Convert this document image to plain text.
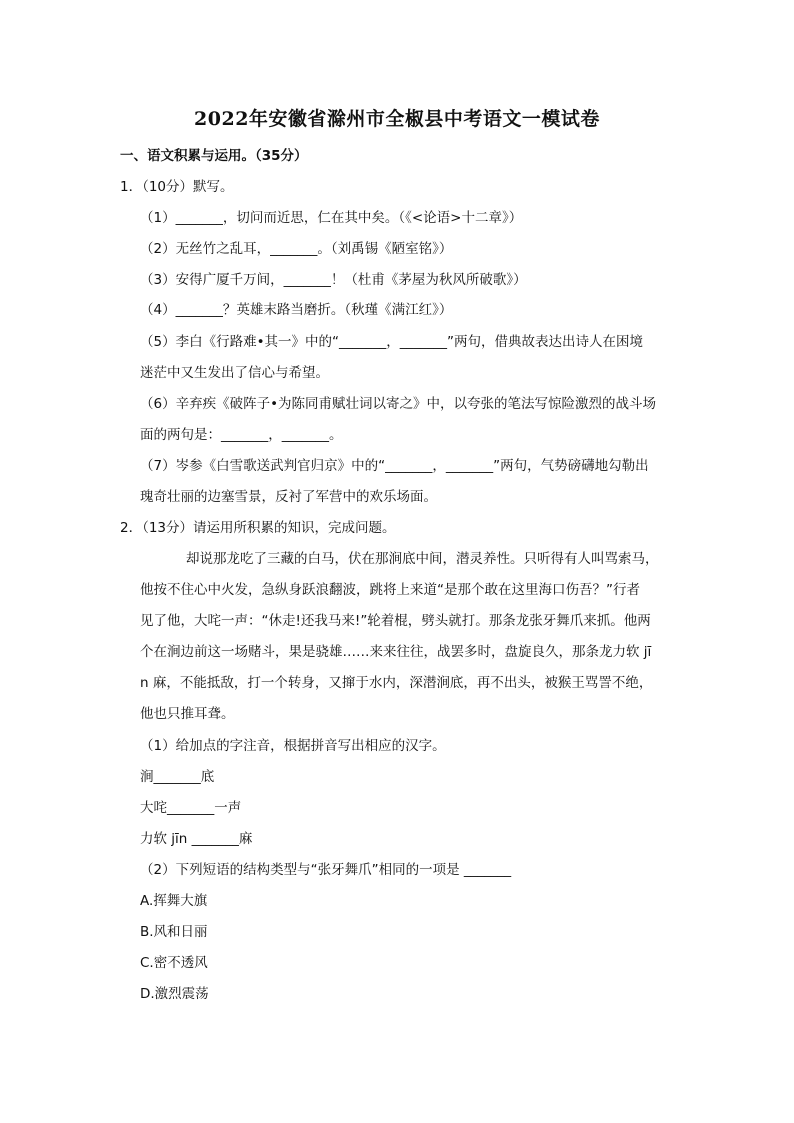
2022年安徽省滁州市全椒县中考语文一模试卷
一、语文积累与运用。（35分）
1．（10分）默写。
（1）_______，切问而近思，仁在其中矣。（《<论语>十二章》）
（2）无丝竹之乱耳，_______。（刘禹锡《陋室铭》）
（3）安得广厦千万间，_______！（杜甫《茅屋为秋风所破歌》）
（4）_______？英雄末路当磨折。（秋瑾《满江红》）
（5）李白《行路难•其一》中的“_______，_______”两句，借典故表达出诗人在困境
迷茫中又生发出了信心与希望。
（6）辛弃疾《破阵子•为陈同甫赋壮词以寄之》中，以夸张的笔法写惊险激烈的战斗场
面的两句是：_______，_______。
（7）岑参《白雪歌送武判官归京》中的“_______，_______”两句，气势磅礴地勾勒出
瑰奇壮丽的边塞雪景，反衬了军营中的欢乐场面。
2．（13分）请运用所积累的知识，完成问题。
却说那龙吃了三藏的白马，伏在那涧底中间，潜灵养性。只听得有人叫骂索马，
他按不住心中火发，急纵身跃浪翻波，跳将上来道“是那个敢在这里海口伤吾？”行者
见了他，大咤一声：“休走!还我马来!”轮着棍，劈头就打。那条龙张牙舞爪来抓。他两
个在涧边前这一场赌斗，果是骁雄……来来往往，战罢多时，盘旋良久，那条龙力软 jī
n 麻，不能抵敌，打一个转身，又撺于水内，深潜涧底，再不出头，被猴王骂詈不绝，
他也只推耳聋。
（1）给加点的字注音，根据拼音写出相应的汉字。
涧_______底
大咤_______一声
力软 jīn _______麻
（2）下列短语的结构类型与“张牙舞爪”相同的一项是 _______
A.挥舞大旗
B.风和日丽
C.密不透风
D.激烈震荡
